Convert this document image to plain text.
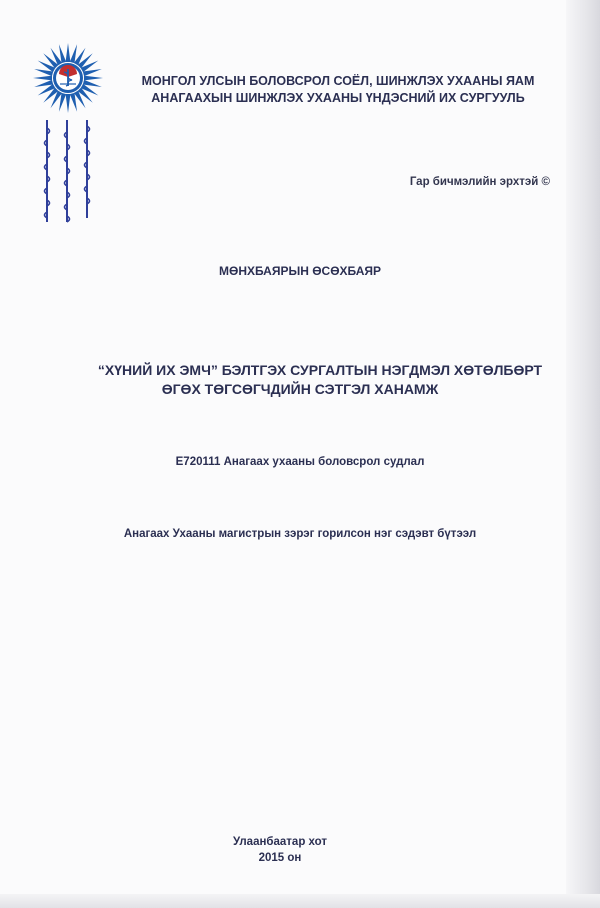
МОНГОЛ УЛСЫН БОЛОВСРОЛ СОЁЛ, ШИНЖЛЭХ УХААНЫ ЯАМ
АНАГААХЫН ШИНЖЛЭХ УХААНЫ ҮНДЭСНИЙ ИХ СУРГУУЛЬ
Гар бичмэлийн эрхтэй ©
МӨНХБАЯРЫН ӨСӨХБАЯР
“ХҮНИЙ ИХ ЭМЧ” БЭЛТГЭХ СУРГАЛТЫН НЭГДМЭЛ ХӨТӨЛБӨРТ
ӨГӨХ ТӨГСӨГЧДИЙН СЭТГЭЛ ХАНАМЖ
E720111 Анагаах ухааны боловсрол судлал
Анагаах Ухааны магистрын зэрэг горилсон нэг сэдэвт бүтээл
Улаанбаатар хот
2015 он
